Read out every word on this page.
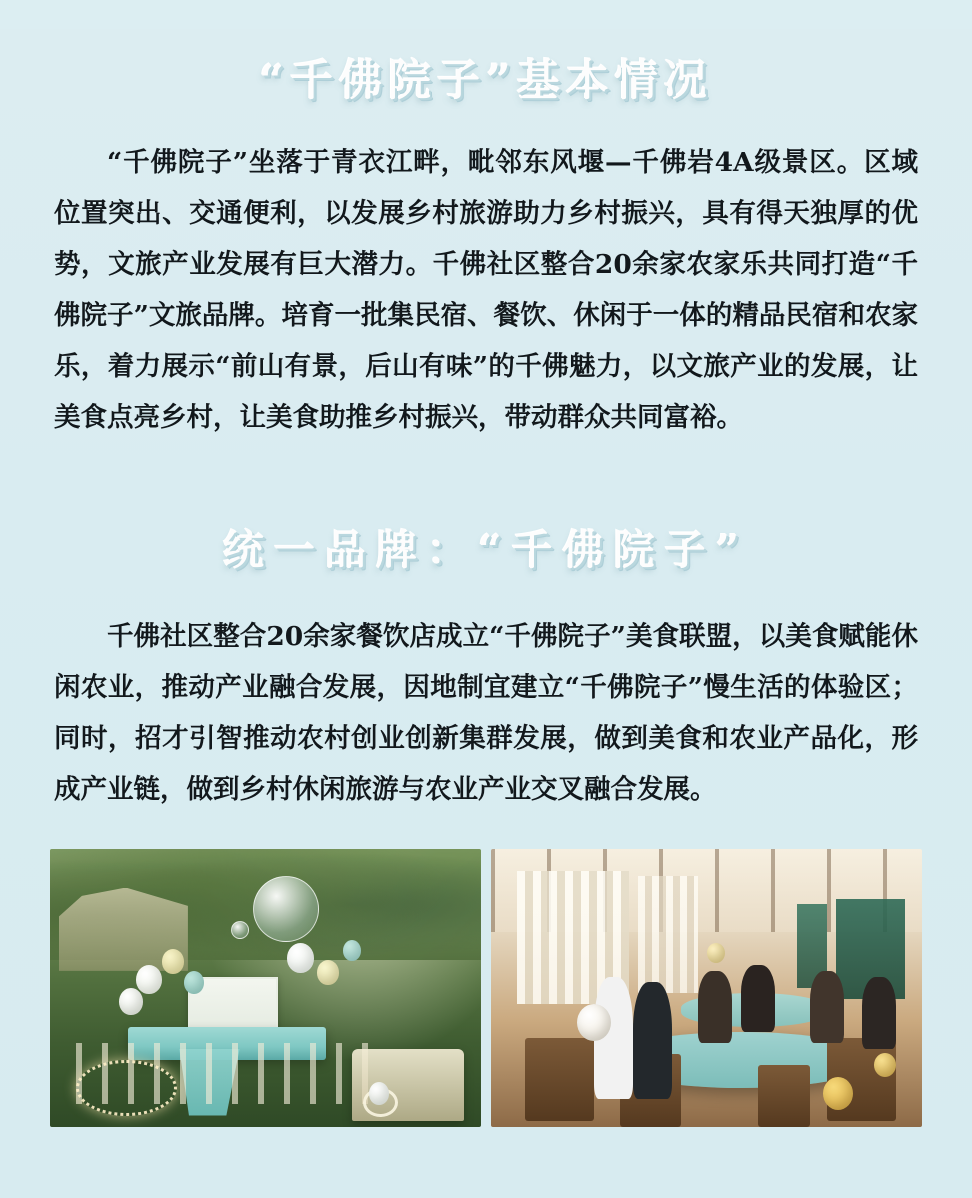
“千佛院子”基本情况

“千佛院子”坐落于青衣江畔，毗邻东风堰—千佛岩4A级景区。区域位置突出、交通便利，以发展乡村旅游助力乡村振兴，具有得天独厚的优势，文旅产业发展有巨大潜力。千佛社区整合20余家农家乐共同打造“千佛院子”文旅品牌。培育一批集民宿、餐饮、休闲于一体的精品民宿和农家乐，着力展示“前山有景，后山有味”的千佛魅力，以文旅产业的发展，让美食点亮乡村，让美食助推乡村振兴，带动群众共同富裕。

统一品牌：“千佛院子”

千佛社区整合20余家餐饮店成立“千佛院子”美食联盟，以美食赋能休闲农业，推动产业融合发展，因地制宜建立“千佛院子”慢生活的体验区；同时，招才引智推动农村创业创新集群发展，做到美食和农业产品化，形成产业链，做到乡村休闲旅游与农业产业交叉融合发展。
